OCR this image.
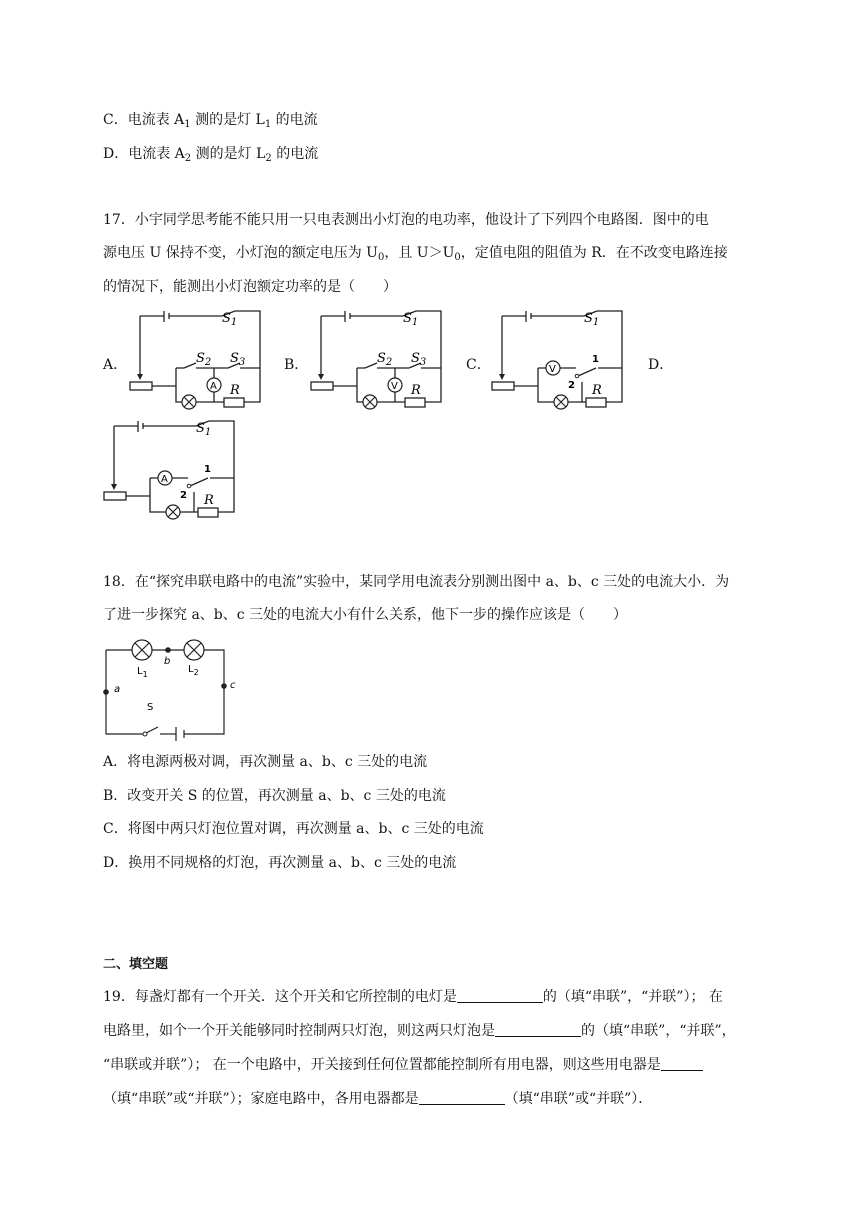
C．电流表 $A_1$ 测的是灯 $L_1$ 的电流
D．电流表 $A_2$ 测的是灯 $L_2$ 的电流
17．小宇同学思考能不能只用一只电表测出小灯泡的电功率，他设计了下列四个电路图．图中的电
源电压 U 保持不变，小灯泡的额定电压为 $U_0$，且 $U>U_0$，定值电阻的阻值为 R．在不改变电路连接
的情况下，能测出小灯泡额定功率的是（　　）
A．	B．	C．	D．
A
$S_1$
$S_2$ $S_3$
R	V
$S_1$
$S_2$ $S_3$
R
V
1
2
$S_1$
R
A
1
2
$S_1$
R
18．在“探究串联电路中的电流”实验中，某同学用电流表分别测出图中 a、b、c 三处的电流大小．为
了进一步探究 a、b、c 三处的电流大小有什么关系，他下一步的操作应该是（　　）
b
a	c
$L_1$	$L_2$
S
A．将电源两极对调，再次测量 a、b、c 三处的电流
B．改变开关 S 的位置，再次测量 a、b、c 三处的电流
C．将图中两只灯泡位置对调，再次测量 a、b、c 三处的电流
D．换用不同规格的灯泡，再次测量 a、b、c 三处的电流
二、填空题
19．每盏灯都有一个开关．这个开关和它所控制的电灯是	的（填“串联”，“并联”）； 在
电路里，如个一个开关能够同时控制两只灯泡，则这两只灯泡是	的（填“串联”，“并联”，
“串联或并联”）； 在一个电路中，开关接到任何位置都能控制所有用电器，则这些用电器是
（填“串联”或“并联”）；家庭电路中，各用电器都是	（填“串联”或“并联”）．
